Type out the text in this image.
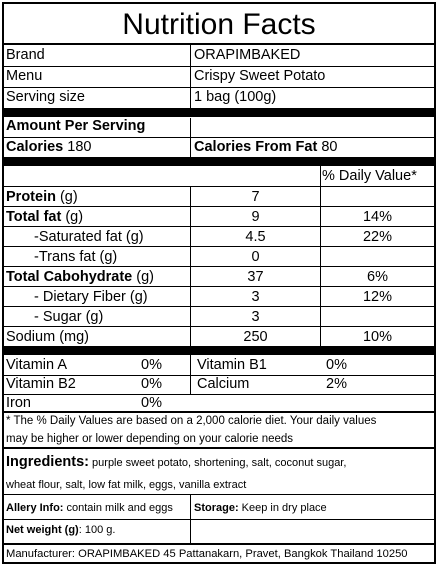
Nutrition Facts
Brand	ORAPIMBAKED
Menu	Crispy Sweet Potato
Serving size	1 bag (100g)
Amount Per Serving
Calories 180	Calories From Fat 80
% Daily Value*
Protein (g)	7
Total fat (g)	9	14%
-Saturated fat (g)	4.5	22%
-Trans fat (g)	0
Total Cabohydrate (g)	37	6%
- Dietary Fiber (g)	3	12%
- Sugar (g)	3
Sodium (mg)	250	10%
Vitamin A	0% Vitamin B1	0%
Vitamin B2	0% Calcium	2%
Iron	0%
* The % Daily Values are based on a 2,000 calorie diet. Your daily values
may be higher or lower depending on your calorie needs
Ingredients: purple sweet potato, shortening, salt, coconut sugar,
wheat flour, salt, low fat milk, eggs, vanilla extract
Allery Info: contain milk and eggs Storage: Keep in dry place
Net weight (g): 100 g.
Manufacturer: ORAPIMBAKED 45 Pattanakarn, Pravet, Bangkok Thailand 10250
